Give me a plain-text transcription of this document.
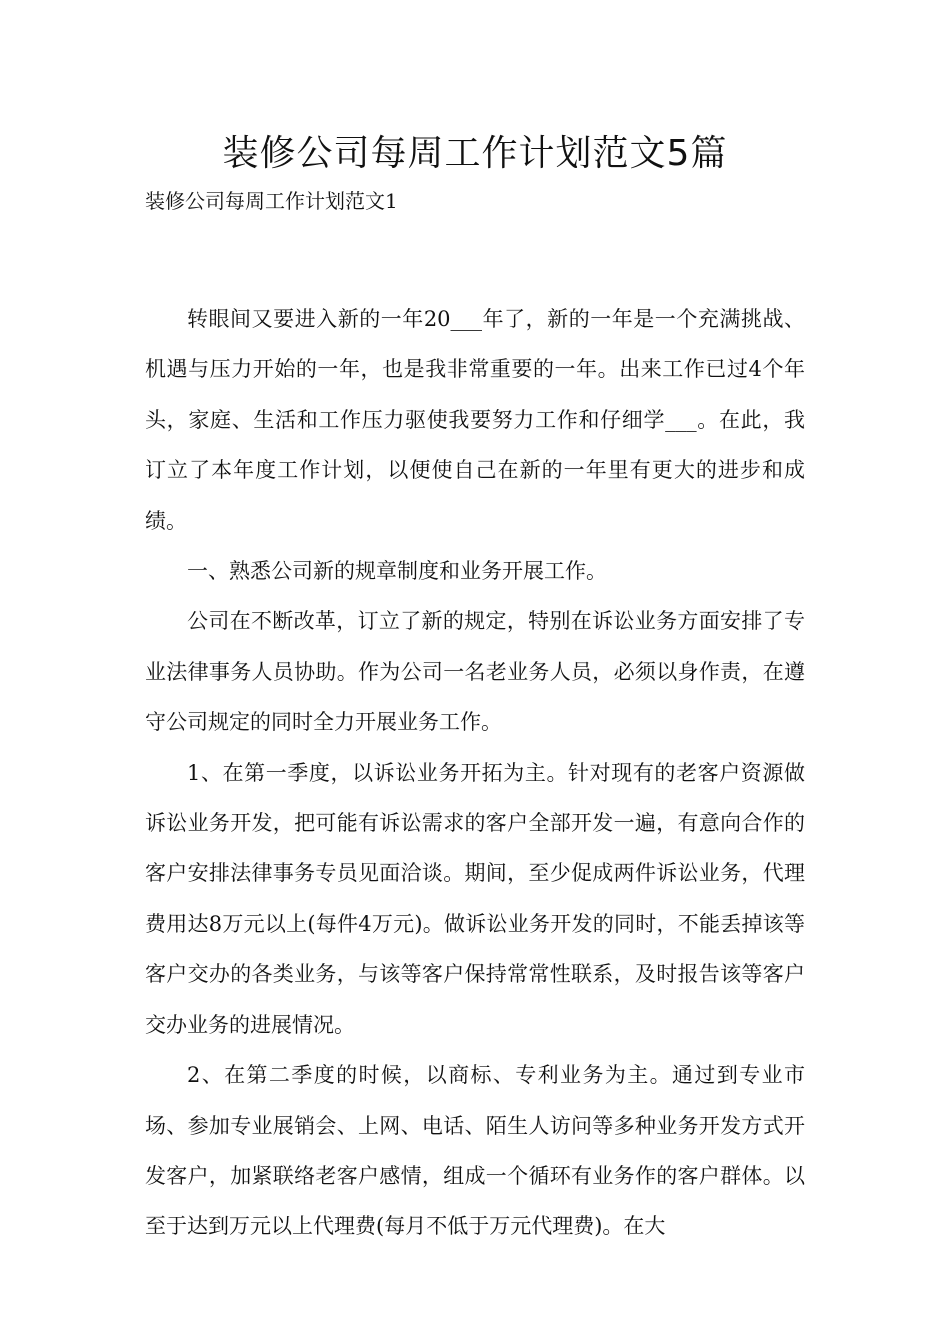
装修公司每周工作计划范文5篇
装修公司每周工作计划范文1

转眼间又要进入新的一年20___年了，新的一年是一个充满挑战、机遇与压力开始的一年，也是我非常重要的一年。出来工作已过4个年头，家庭、生活和工作压力驱使我要努力工作和仔细学___。在此，我订立了本年度工作计划，以便使自己在新的一年里有更大的进步和成绩。

一、熟悉公司新的规章制度和业务开展工作。

公司在不断改革，订立了新的规定，特别在诉讼业务方面安排了专业法律事务人员协助。作为公司一名老业务人员，必须以身作责，在遵守公司规定的同时全力开展业务工作。

1、在第一季度，以诉讼业务开拓为主。针对现有的老客户资源做诉讼业务开发，把可能有诉讼需求的客户全部开发一遍，有意向合作的客户安排法律事务专员见面洽谈。期间，至少促成两件诉讼业务，代理费用达8万元以上(每件4万元)。做诉讼业务开发的同时，不能丢掉该等客户交办的各类业务，与该等客户保持常常性联系，及时报告该等客户交办业务的进展情况。

2、在第二季度的时候，以商标、专利业务为主。通过到专业市场、参加专业展销会、上网、电话、陌生人访问等多种业务开发方式开发客户，加紧联络老客户感情，组成一个循环有业务作的客户群体。以至于达到万元以上代理费(每月不低于万元代理费)。在大
